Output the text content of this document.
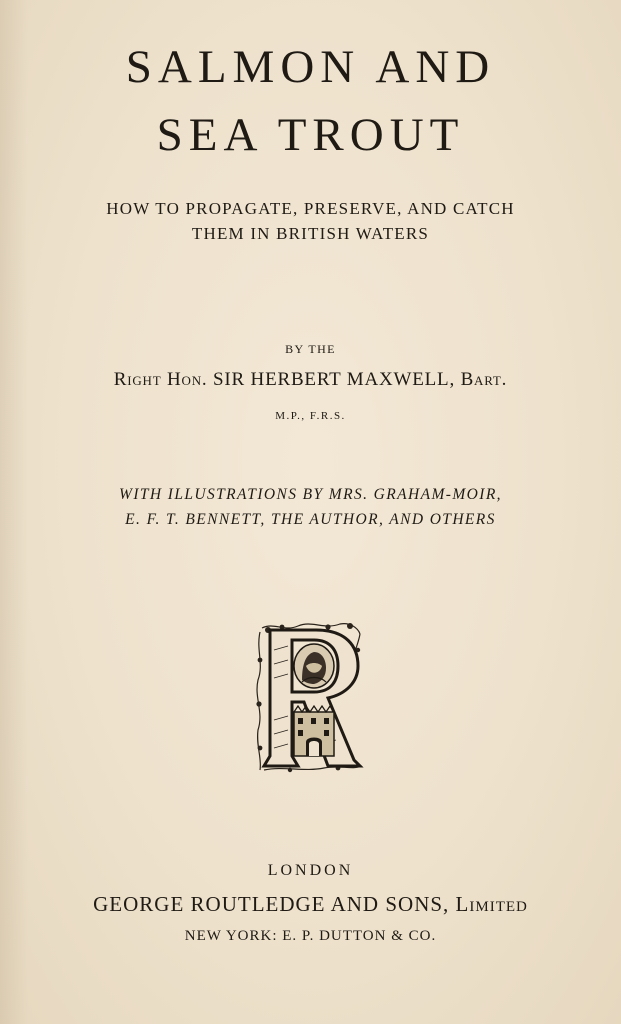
SALMON AND
SEA TROUT
HOW TO PROPAGATE, PRESERVE, AND CATCH
THEM IN BRITISH WATERS
BY THE
Right Hon. SIR HERBERT MAXWELL, Bart.
M.P., F.R.S.
WITH ILLUSTRATIONS BY MRS. GRAHAM-MOIR,
E. F. T. BENNETT, THE AUTHOR, AND OTHERS
LONDON
GEORGE ROUTLEDGE AND SONS, Limited
NEW YORK: E. P. DUTTON & CO.
